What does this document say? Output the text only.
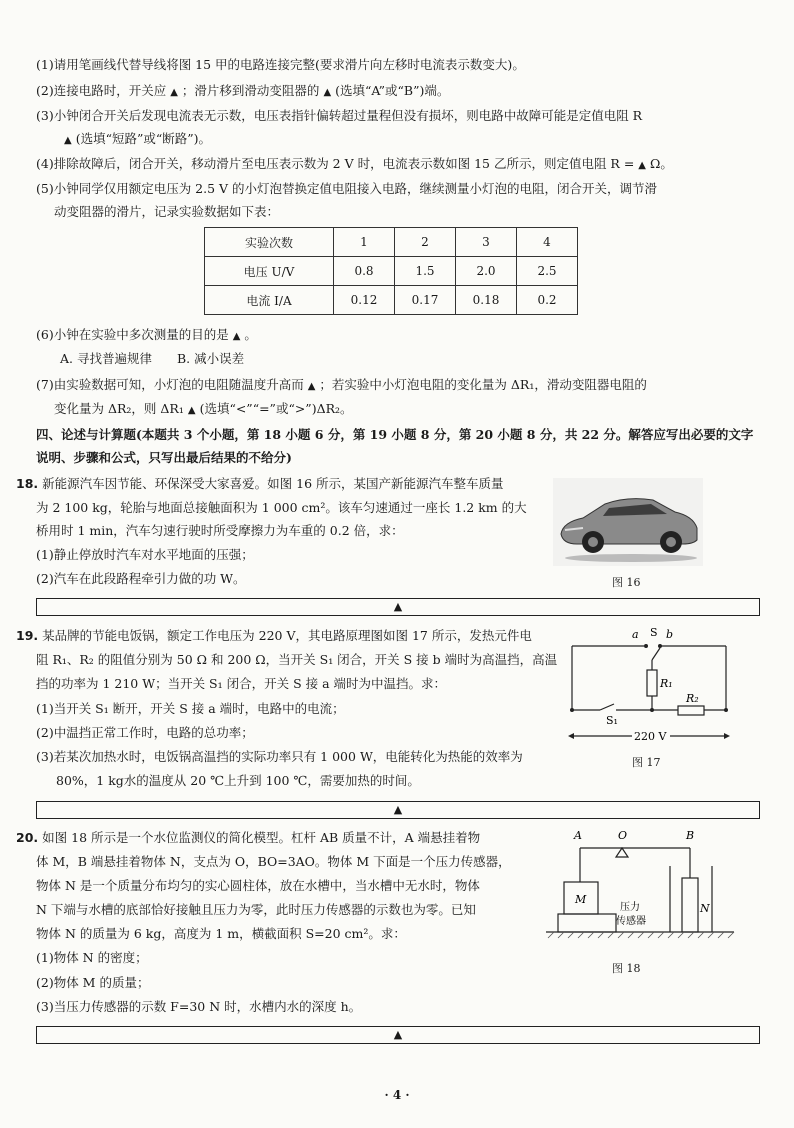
(1)请用笔画线代替导线将图 15 甲的电路连接完整(要求滑片向左移时电流表示数变大)。
(2)连接电路时，开关应 ▲ ；滑片移到滑动变阻器的 ▲ (选填“A”或“B”)端。
(3)小钟闭合开关后发现电流表无示数，电压表指针偏转超过量程但没有损坏，则电路中故障可能是定值电阻 R
▲ (选填“短路”或“断路”)。
(4)排除故障后，闭合开关，移动滑片至电压表示数为 2 V 时，电流表示数如图 15 乙所示，则定值电阻 R = ▲ Ω。
(5)小钟同学仅用额定电压为 2.5 V 的小灯泡替换定值电阻接入电路，继续测量小灯泡的电阻，闭合开关，调节滑
动变阻器的滑片，记录实验数据如下表：
实验次数	1	2	3	4
电压 U/V	0.8	1.5	2.0	2.5
电流 I/A	0.12	0.17	0.18	0.2
(6)小钟在实验中多次测量的目的是 ▲ 。
A. 寻找普遍规律　　B. 减小误差
(7)由实验数据可知，小灯泡的电阻随温度升高而 ▲ ；若实验中小灯泡电阻的变化量为 ΔR₁，滑动变阻器电阻的
变化量为 ΔR₂，则 ΔR₁ ▲ (选填“<”“=”或“>”)ΔR₂。
四、论述与计算题(本题共 3 个小题，第 18 小题 6 分，第 19 小题 8 分，第 20 小题 8 分，共 22 分。解答应写出必要的文字
说明、步骤和公式，只写出最后结果的不给分)
18. 新能源汽车因节能、环保深受大家喜爱。如图 16 所示，某国产新能源汽车整车质量
为 2 100 kg，轮胎与地面总接触面积为 1 000 cm²。该车匀速通过一座长 1.2 km 的大
桥用时 1 min，汽车匀速行驶时所受摩擦力为车重的 0.2 倍，求：
(1)静止停放时汽车对水平地面的压强；
(2)汽车在此段路程牵引力做的功 W。	图 16
▲
19. 某品牌的节能电饭锅，额定工作电压为 220 V，其电路原理图如图 17 所示，发热元件电
阻 R₁、R₂ 的阻值分别为 50 Ω 和 200 Ω，当开关 S₁ 闭合，开关 S 接 b 端时为高温挡，高温
挡的功率为 1 210 W；当开关 S₁ 闭合，开关 S 接 a 端时为中温挡。求：
(1)当开关 S₁ 断开，开关 S 接 a 端时，电路中的电流；
(2)中温挡正常工作时，电路的总功率；
(3)若某次加热水时，电饭锅高温挡的实际功率只有 1 000 W，电能转化为热能的效率为
80%，1 kg水的温度从 20 ℃上升到 100 ℃，需要加热的时间。
a S b
R₁
R₂
S₁
220 V
图 17
▲
20. 如图 18 所示是一个水位监测仪的简化模型。杠杆 AB 质量不计，A 端悬挂着物
体 M，B 端悬挂着物体 N，支点为 O，BO=3AO。物体 M 下面是一个压力传感器，
物体 N 是一个质量分布均匀的实心圆柱体，放在水槽中，当水槽中无水时，物体
N 下端与水槽的底部恰好接触且压力为零，此时压力传感器的示数也为零。已知
物体 N 的质量为 6 kg，高度为 1 m，横截面积 S=20 cm²。求：
(1)物体 N 的密度；
(2)物体 M 的质量；
(3)当压力传感器的示数 F=30 N 时，水槽内水的深度 h。
A	O	B
M
N
压力
传感器
图 18
▲
· 4 ·
